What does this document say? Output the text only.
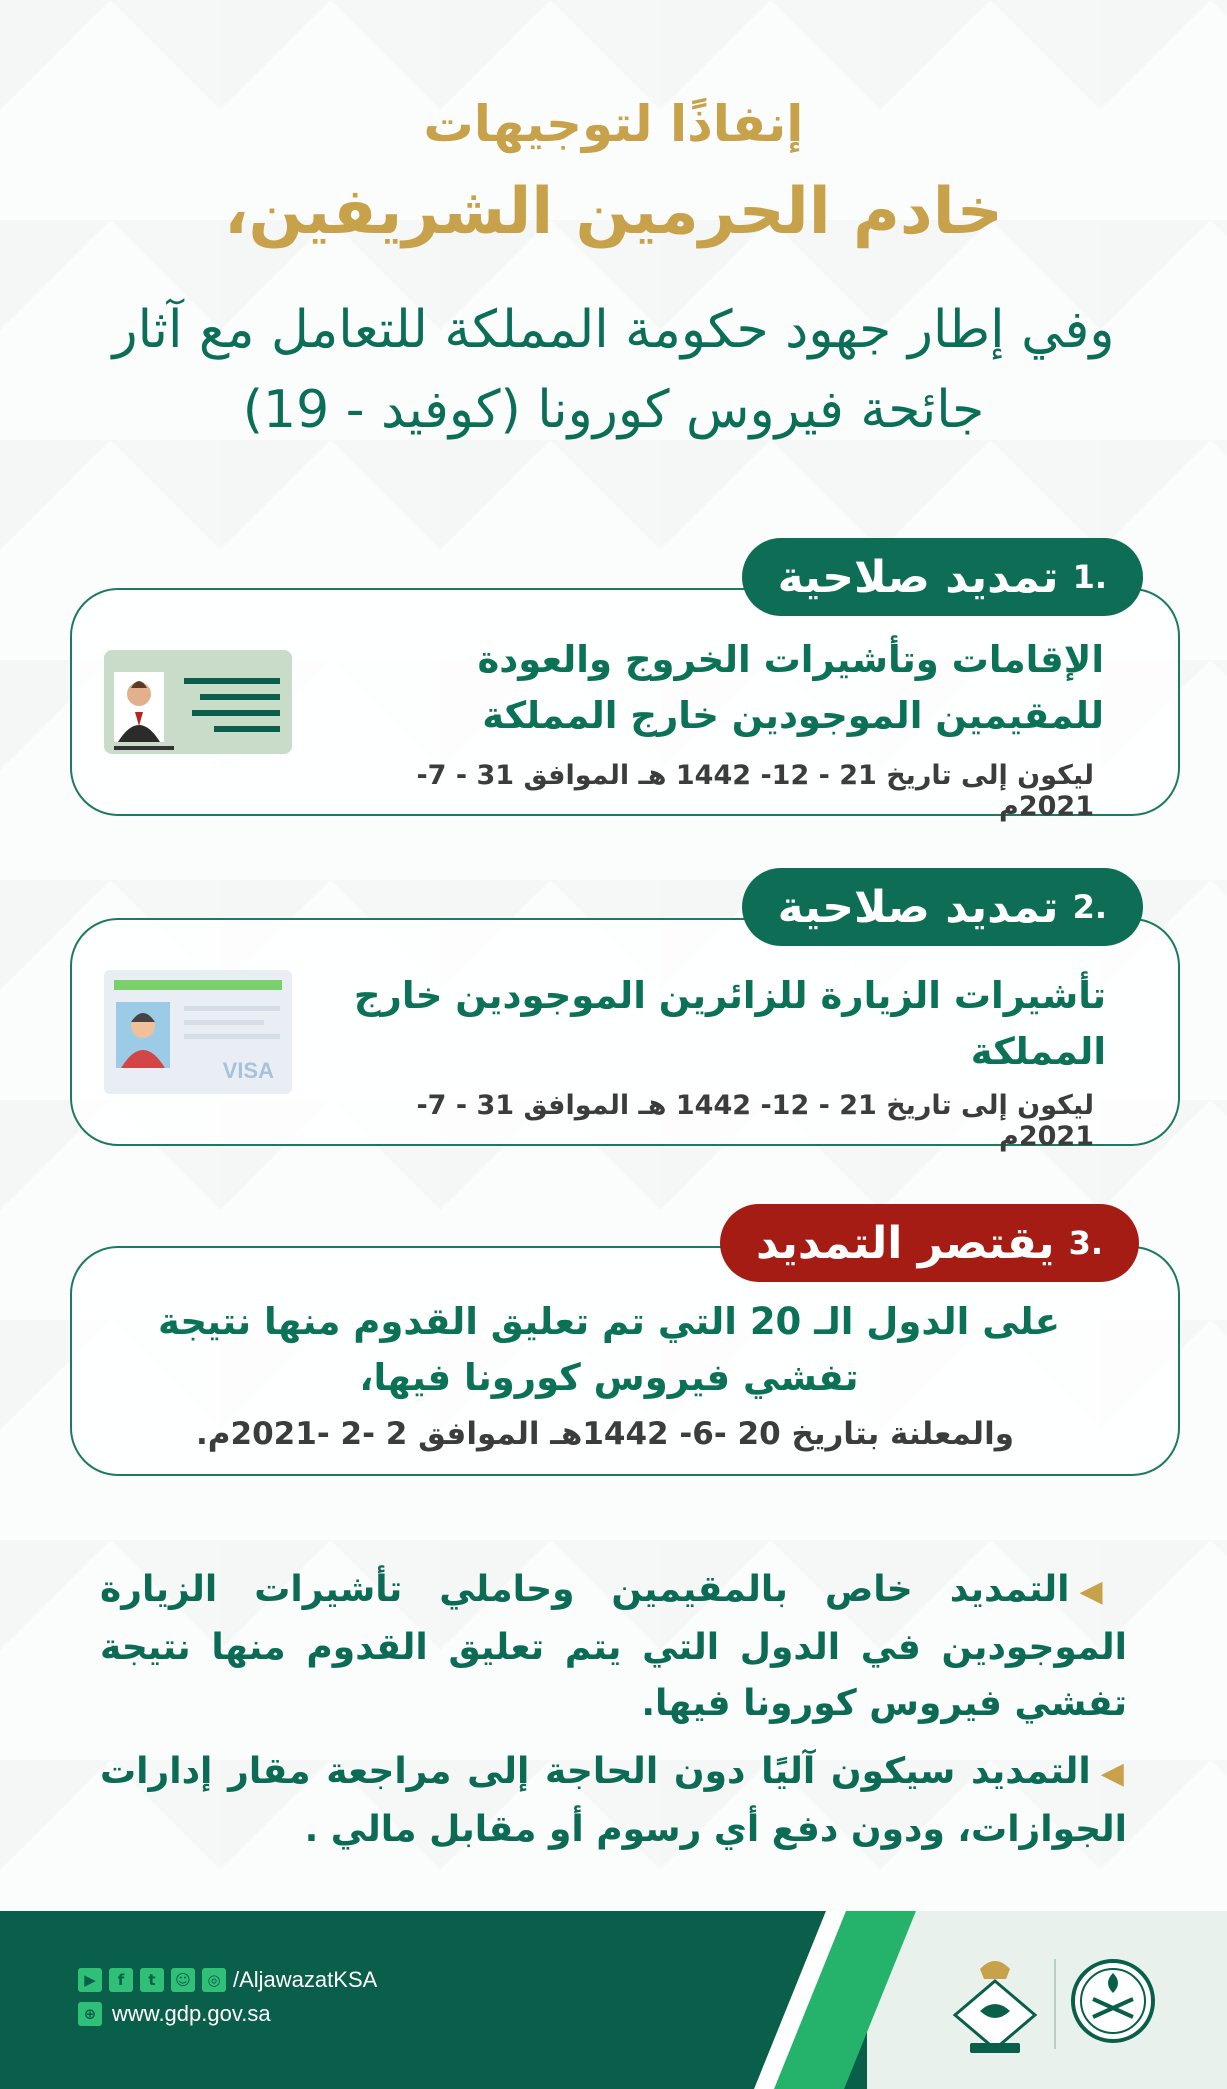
إنفاذًا لتوجيهات
خادم الحرمين الشريفين،
وفي إطار جهود حكومة المملكة للتعامل مع آثار جائحة فيروس كورونا (كوفيد - 19)
الإقامات وتأشيرات الخروج والعودة للمقيمين الموجودين خارج المملكة
ليكون إلى تاريخ 21 - 12- 1442 هـ الموافق 31 - 7- 2021م
.1
تمديد صلاحية
VISA
تأشيرات الزيارة للزائرين الموجودين خارج المملكة
ليكون إلى تاريخ 21 - 12- 1442 هـ الموافق 31 - 7- 2021م
.2
تمديد صلاحية
على الدول الـ 20 التي تم تعليق القدوم منها نتيجة تفشي فيروس كورونا فيها،
والمعلنة بتاريخ 20 -6- 1442هـ الموافق 2 -2 -2021م.
.3
يقتصر التمديد
◀التمديد خاص بالمقيمين وحاملي تأشيرات الزيارة الموجودين في الدول التي يتم تعليق القدوم منها نتيجة تفشي فيروس كورونا فيها.
◀التمديد سيكون آليًا دون الحاجة إلى مراجعة مقار إدارات الجوازات، ودون دفع أي رسوم أو مقابل مالي .
▶	f	t	☺	◎ /AljawazatKSA
⊕ www.gdp.gov.sa
